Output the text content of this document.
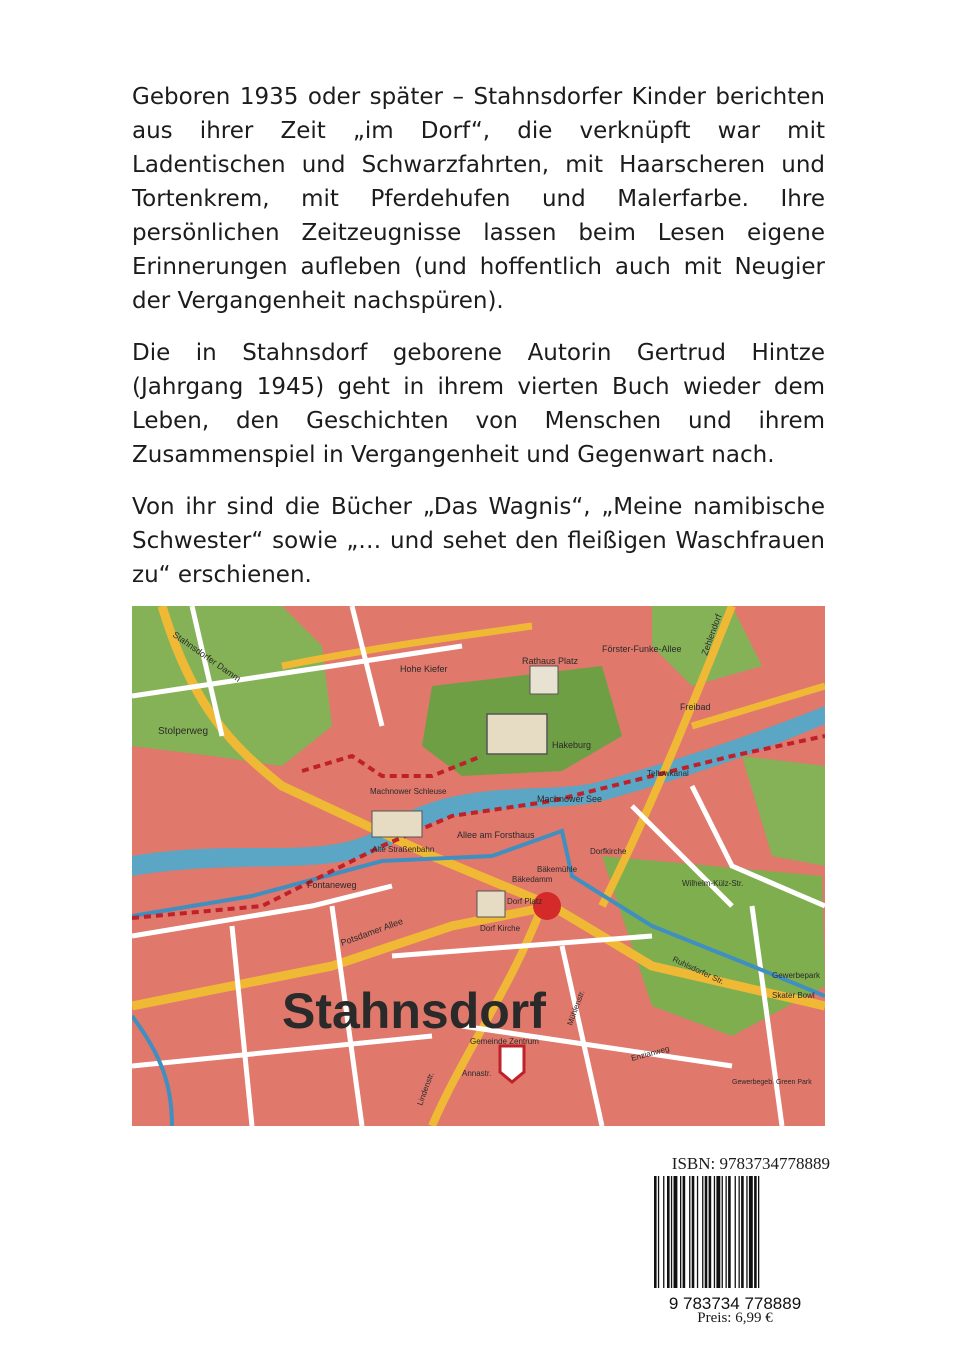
Geboren 1935 oder später – Stahnsdorfer Kinder berichten aus ihrer Zeit „im Dorf“, die verknüpft war mit Ladentischen und Schwarzfahrten, mit Haarscheren und Tortenkrem, mit Pferdehufen und Malerfarbe. Ihre persönlichen Zeitzeugnisse lassen beim Lesen eigene Erinnerungen aufleben (und hoffentlich auch mit Neugier der Vergangenheit nachspüren).

Die in Stahnsdorf geborene Autorin Gertrud Hintze (Jahrgang 1945) geht in ihrem vierten Buch wieder dem Leben, den Geschichten von Menschen und ihrem Zusammenspiel in Vergangenheit und Gegenwart nach.

Von ihr sind die Bücher „Das Wagnis“, „Meine namibische Schwester“ sowie „… und sehet den fleißigen Waschfrauen zu“ erschienen.

Stahnsdorf
Stahnsdorfer Damm	Hohe Kiefer
Rathaus Platz
Förster-Funke-Allee Zehlendorf
Freibad
Stolperweg
Hakeburg
Teltowkanal
Machnower Schleuse
Machnower See
Allee am Forsthaus
Alte Straßenbahn	Dorfkirche
Bäkemühle
Bäkedamm
Fontaneweg
Dorf Platz
Dorf Kirche
Potsdamer Allee
Wilhelm-Külz-Str.
Gewerbepark
Skater Bowl
Ruhlsdorfer Str.
Mühlenstr.
Gemeinde Zentrum
Enzianweg
Annastr.
Lindenstr.	Gewerbegeb. Green Park
ISBN: 9783734778889
9 783734 778889
Preis: 6,99 €
